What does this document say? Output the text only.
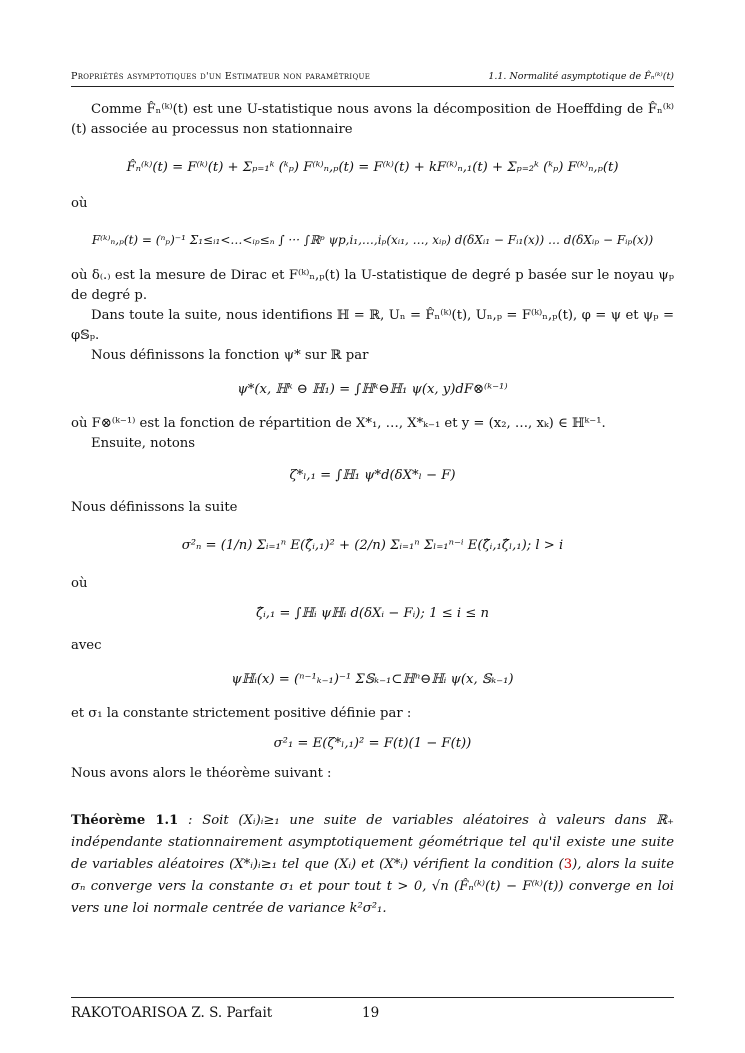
Propriétés asymptotiques d'un Estimateur non paramétrique	1.1. Normalité asymptotique de F̂ₙ⁽ᵏ⁾(t)

Comme F̂ₙ⁽ᵏ⁾(t) est une U-statistique nous avons la décomposition de Hoeffding de F̂ₙ⁽ᵏ⁾(t) associée au processus non stationnaire

F̂ₙ⁽ᵏ⁾(t) = F⁽ᵏ⁾(t) + Σₚ₌₁ᵏ (ᵏₚ) F⁽ᵏ⁾ₙ,ₚ(t) = F⁽ᵏ⁾(t) + kF⁽ᵏ⁾ₙ,₁(t) + Σₚ₌₂ᵏ (ᵏₚ) F⁽ᵏ⁾ₙ,ₚ(t)

où

F⁽ᵏ⁾ₙ,ₚ(t) = (ⁿₚ)⁻¹ Σ₁≤ᵢ₁<…<ᵢₚ≤ₙ ∫ ··· ∫ℝᵖ ψp,i₁,…,iₚ(xᵢ₁, …, xᵢₚ) d(δXᵢ₁ − Fᵢ₁(x)) … d(δXᵢₚ − Fᵢₚ(x))

où δ₍.₎ est la mesure de Dirac et F⁽ᵏ⁾ₙ,ₚ(t) la U-statistique de degré p basée sur le noyau ψₚ de degré p.

Dans toute la suite, nous identifions ℍ = ℝ, Uₙ = F̂ₙ⁽ᵏ⁾(t), Uₙ,ₚ = F⁽ᵏ⁾ₙ,ₚ(t), φ = ψ et ψₚ = φ𝕊ₚ.

Nous définissons la fonction ψ* sur ℝ par

ψ*(x, ℍᵏ ⊖ ℍ₁) = ∫ℍᵏ⊖ℍ₁ ψ(x, y)dF⊗⁽ᵏ⁻¹⁾

où F⊗⁽ᵏ⁻¹⁾ est la fonction de répartition de X*₁, …, X*ₖ₋₁ et y = (x₂, …, xₖ) ∈ ℍᵏ⁻¹.

Ensuite, notons

ζ*ₗ,₁ = ∫ℍ₁ ψ*d(δX*ₗ − F)

Nous définissons la suite

σ²ₙ = (1/n) Σᵢ₌₁ⁿ E(ζ̂ᵢ,₁)² + (2/n) Σᵢ₌₁ⁿ Σₗ₌₁ⁿ⁻ⁱ E(ζ̂ᵢ,₁ζ̂ₗ,₁); l > i

où

ζ̂ᵢ,₁ = ∫ℍᵢ ψℍᵢ d(δXᵢ − Fᵢ); 1 ≤ i ≤ n

avec

ψℍᵢ(x) = (ⁿ⁻¹ₖ₋₁)⁻¹ Σ𝕊ₖ₋₁⊂ℍⁿ⊖ℍᵢ ψ(x, 𝕊ₖ₋₁)

et σ₁ la constante strictement positive définie par :

σ²₁ = E(ζ*ₗ,₁)² = F(t)(1 − F(t))

Nous avons alors le théorème suivant :

Théorème 1.1 : Soit (Xᵢ)ᵢ≥₁ une suite de variables aléatoires à valeurs dans ℝ₊ indépendante stationnairement asymptotiquement géométrique tel qu'il existe une suite de variables aléatoires (X*ᵢ)ᵢ≥₁ tel que (Xᵢ) et (X*ᵢ) vérifient la condition (3), alors la suite σₙ converge vers la constante σ₁ et pour tout t > 0, √n (F̂ₙ⁽ᵏ⁾(t) − F⁽ᵏ⁾(t)) converge en loi vers une loi normale centrée de variance k²σ²₁.

RAKOTOARISOA Z. S. Parfait	19
